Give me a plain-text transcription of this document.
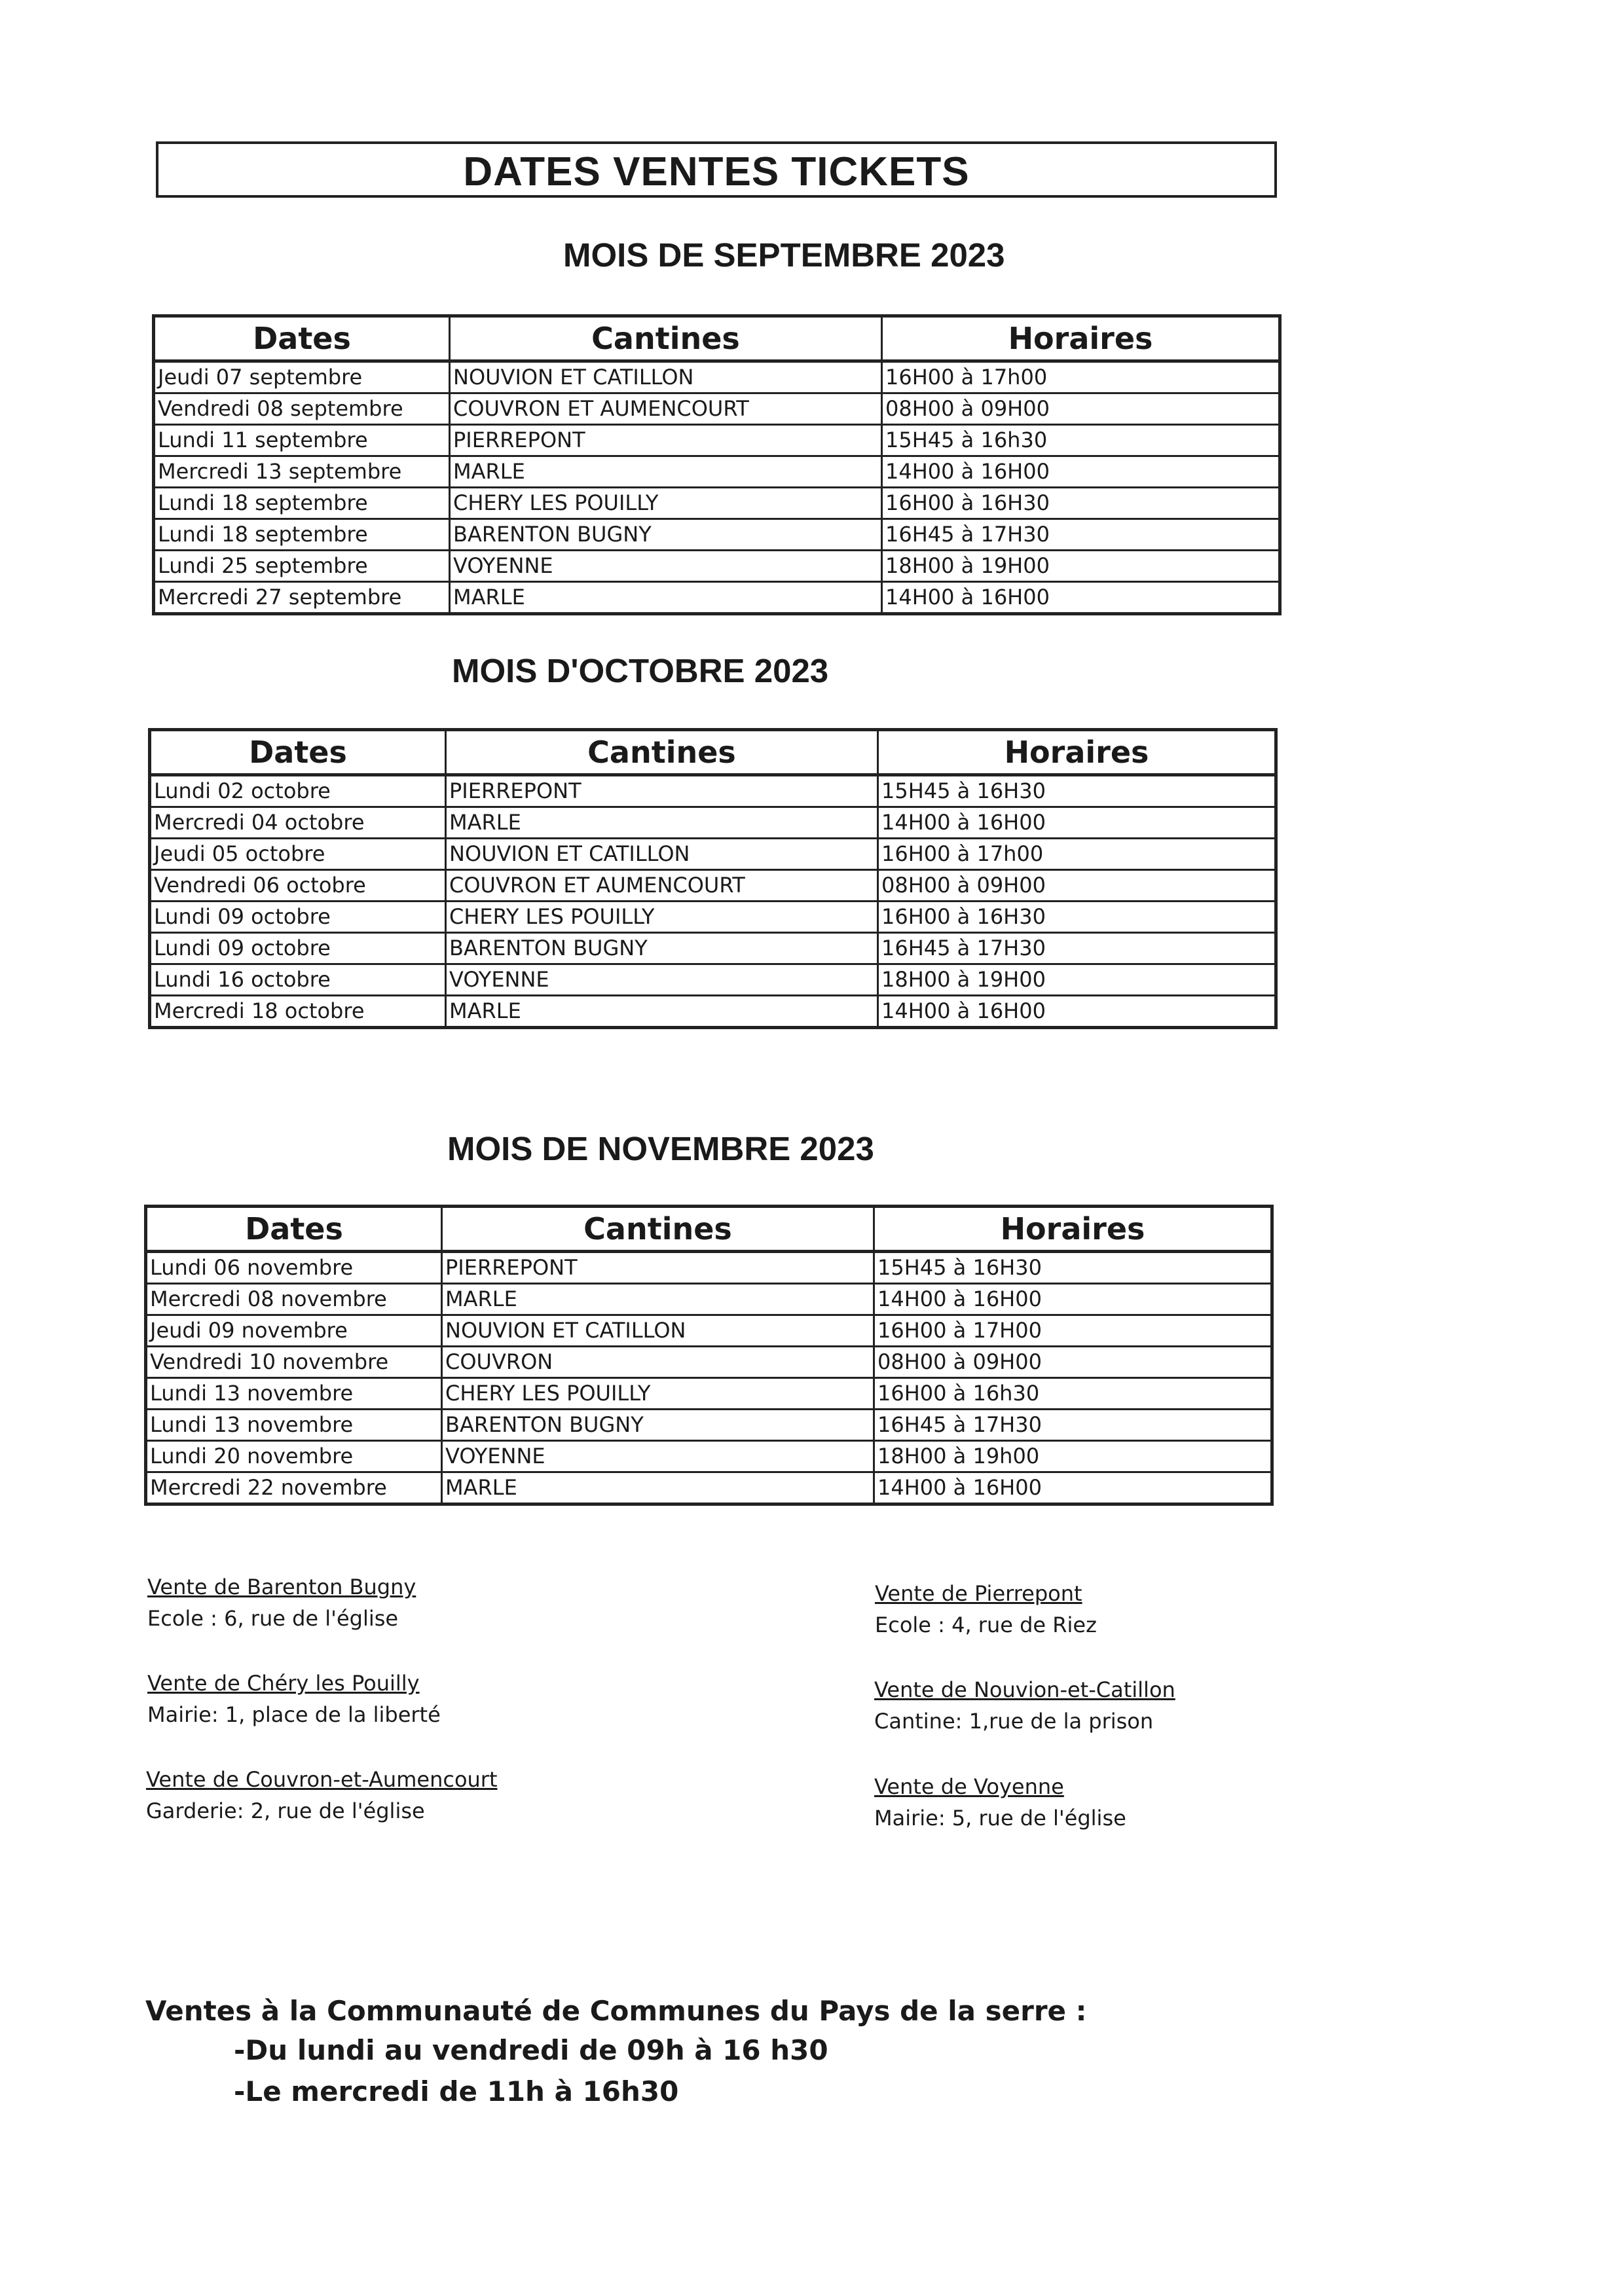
DATES VENTES TICKETS
MOIS DE SEPTEMBRE 2023
Dates	Cantines	Horaires
Jeudi 07 septembre	NOUVION ET CATILLON	16H00 à 17h00
Vendredi 08 septembre	COUVRON ET AUMENCOURT	08H00 à 09H00
Lundi 11 septembre	PIERREPONT	15H45 à 16h30
Mercredi 13 septembre	MARLE	14H00 à 16H00
Lundi 18 septembre	CHERY LES POUILLY	16H00 à 16H30
Lundi 18 septembre	BARENTON BUGNY	16H45 à 17H30
Lundi 25 septembre	VOYENNE	18H00 à 19H00
Mercredi 27 septembre	MARLE	14H00 à 16H00
MOIS D'OCTOBRE 2023
Dates	Cantines	Horaires
Lundi 02 octobre	PIERREPONT	15H45 à 16H30
Mercredi 04 octobre	MARLE	14H00 à 16H00
Jeudi 05 octobre	NOUVION ET CATILLON	16H00 à 17h00
Vendredi 06 octobre	COUVRON ET AUMENCOURT	08H00 à 09H00
Lundi 09 octobre	CHERY LES POUILLY	16H00 à 16H30
Lundi 09 octobre	BARENTON BUGNY	16H45 à 17H30
Lundi 16 octobre	VOYENNE	18H00 à 19H00
Mercredi 18 octobre	MARLE	14H00 à 16H00
MOIS DE NOVEMBRE 2023
Dates	Cantines	Horaires
Lundi 06 novembre	PIERREPONT	15H45 à 16H30
Mercredi 08 novembre	MARLE	14H00 à 16H00
Jeudi 09 novembre	NOUVION ET CATILLON	16H00 à 17H00
Vendredi 10 novembre	COUVRON	08H00 à 09H00
Lundi 13 novembre	CHERY LES POUILLY	16H00 à 16h30
Lundi 13 novembre	BARENTON BUGNY	16H45 à 17H30
Lundi 20 novembre	VOYENNE	18H00 à 19h00
Mercredi 22 novembre	MARLE	14H00 à 16H00
Vente de Barenton Bugny
Ecole : 6, rue de l'église
Vente de Chéry les Pouilly
Mairie: 1, place de la liberté
Vente de Couvron-et-Aumencourt
Garderie: 2, rue de l'église
Vente de Pierrepont
Ecole : 4, rue de Riez
Vente de Nouvion-et-Catillon
Cantine: 1,rue de la prison
Vente de Voyenne
Mairie: 5, rue de l'église
Ventes à la Communauté de Communes du Pays de la serre :
-Du lundi au vendredi de 09h à 16 h30
-Le mercredi de 11h à 16h30
